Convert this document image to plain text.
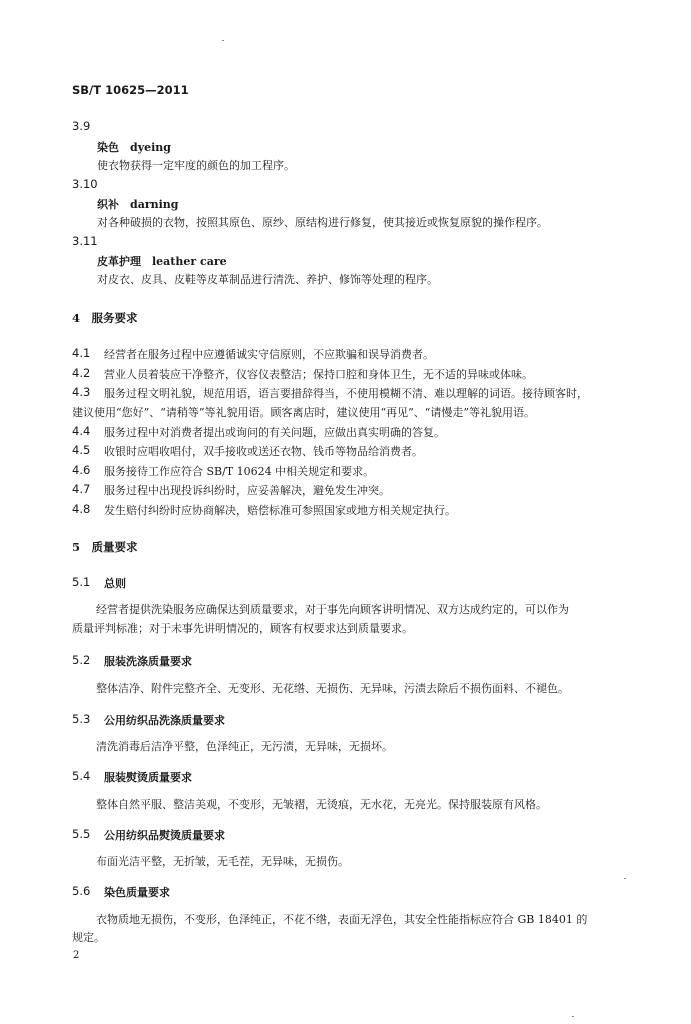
SB/T 10625—2011
3.9
染色　dyeing
使衣物获得一定牢度的颜色的加工程序。
3.10
织补　darning
对各种破损的衣物，按照其原色、原纱、原结构进行修复，使其接近或恢复原貌的操作程序。
3.11
皮革护理　leather care
对皮衣、皮具、皮鞋等皮革制品进行清洗、养护、修饰等处理的程序。
4　服务要求
4.1 经营者在服务过程中应遵循诚实守信原则，不应欺骗和误导消费者。
4.2 营业人员着装应干净整齐，仪容仪表整洁；保持口腔和身体卫生，无不适的异味或体味。
4.3 服务过程文明礼貌，规范用语，语言要措辞得当，不使用模糊不清、难以理解的词语。接待顾客时，
建议使用“您好”、“请稍等”等礼貌用语。顾客离店时，建议使用“再见”、“请慢走”等礼貌用语。
4.4 服务过程中对消费者提出或询问的有关问题，应做出真实明确的答复。
4.5 收银时应唱收唱付，双手接收或送还衣物、钱币等物品给消费者。
4.6 服务接待工作应符合 SB/T 10624 中相关规定和要求。
4.7 服务过程中出现投诉纠纷时，应妥善解决，避免发生冲突。
4.8 发生赔付纠纷时应协商解决，赔偿标准可参照国家或地方相关规定执行。
5　质量要求
5.1 总则
经营者提供洗染服务应确保达到质量要求，对于事先向顾客讲明情况、双方达成约定的，可以作为
质量评判标准；对于未事先讲明情况的，顾客有权要求达到质量要求。
5.2 服装洗涤质量要求
整体洁净、附件完整齐全、无变形、无花绺、无损伤、无异味，污渍去除后不损伤面料、不褪色。
5.3 公用纺织品洗涤质量要求
清洗消毒后洁净平整，色泽纯正，无污渍，无异味，无损坏。
5.4 服装熨烫质量要求
整体自然平服、整洁美观，不变形，无皱褶，无烫痕，无水花，无亮光。保持服装原有风格。
5.5 公用纺织品熨烫质量要求
布面光洁平整，无折皱，无毛茬，无异味，无损伤。
5.6 染色质量要求
衣物质地无损伤，不变形，色泽纯正，不花不绺，表面无浮色，其安全性能指标应符合 GB 18401 的
规定。
2
